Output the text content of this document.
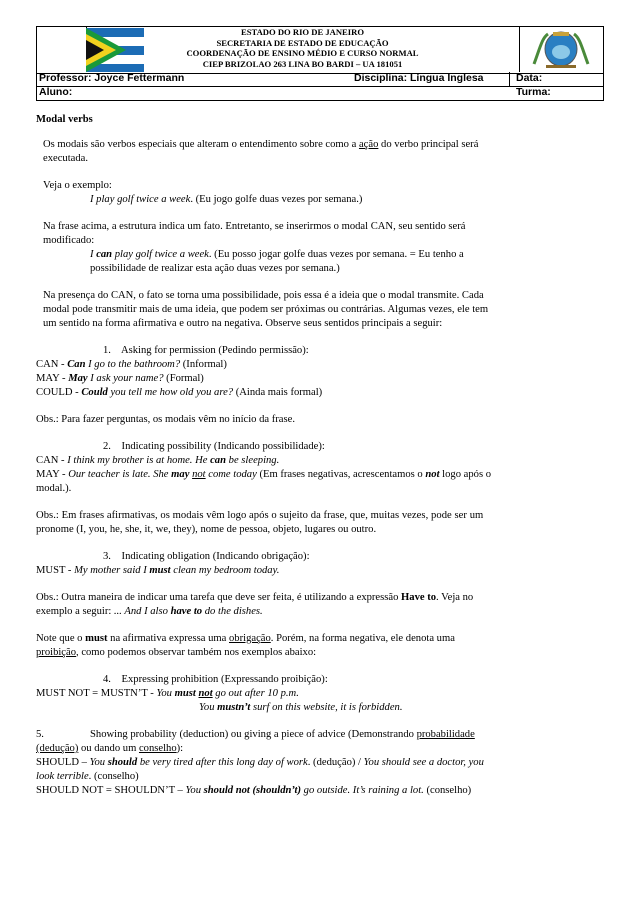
ESTADO DO RIO DE JANEIRO
SECRETARIA DE ESTADO DE EDUCAÇÃO
COORDENAÇÃO DE ENSINO MÉDIO E CURSO NORMAL
CIEP BRIZOLAO 263 LINA BO BARDI – UA 181051
Professor: Joyce Fettermann	Disciplina: Língua Inglesa	Data:
Aluno:	Turma:
Modal verbs
Os modais são verbos especiais que alteram o entendimento sobre como a ação do verbo principal será
executada.
Veja o exemplo:
I play golf twice a week. (Eu jogo golfe duas vezes por semana.)
Na frase acima, a estrutura indica um fato. Entretanto, se inserirmos o modal CAN, seu sentido será
modificado:
I can play golf twice a week. (Eu posso jogar golfe duas vezes por semana. = Eu tenho a
possibilidade de realizar esta ação duas vezes por semana.)
Na presença do CAN, o fato se torna uma possibilidade, pois essa é a ideia que o modal transmite. Cada
modal pode transmitir mais de uma ideia, que podem ser próximas ou contrárias. Algumas vezes, ele tem
um sentido na forma afirmativa e outro na negativa. Observe seus sentidos principais a seguir:
1.    Asking for permission (Pedindo permissão):
CAN - Can I go to the bathroom? (Informal)
MAY - May I ask your name? (Formal)
COULD - Could you tell me how old you are? (Ainda mais formal)
Obs.: Para fazer perguntas, os modais vêm no início da frase.
2.    Indicating possibility (Indicando possibilidade):
CAN - I think my brother is at home. He can be sleeping.
MAY - Our teacher is late. She may not come today (Em frases negativas, acrescentamos o not logo após o
modal.).
Obs.: Em frases afirmativas, os modais vêm logo após o sujeito da frase, que, muitas vezes, pode ser um
pronome (I, you, he, she, it, we, they), nome de pessoa, objeto, lugares ou outro.
3.    Indicating obligation (Indicando obrigação):
MUST - My mother said I must clean my bedroom today.
Obs.: Outra maneira de indicar uma tarefa que deve ser feita, é utilizando a expressão Have to. Veja no
exemplo a seguir: ... And I also have to do the dishes.
Note que o must na afirmativa expressa uma obrigação. Porém, na forma negativa, ele denota uma
proibição, como podemos observar também nos exemplos abaixo:
4.    Expressing prohibition (Expressando proibição):
MUST NOT = MUSTN’T - You must not go out after 10 p.m.
You mustn’t surf on this website, it is forbidden.
5.	Showing probability (deduction) ou giving a piece of advice (Demonstrando probabilidade
(dedução) ou dando um conselho):
SHOULD – You should be very tired after this long day of work. (dedução) / You should see a doctor, you
look terrible. (conselho)
SHOULD NOT = SHOULDN’T – You should not (shouldn’t) go outside. It’s raining a lot. (conselho)
